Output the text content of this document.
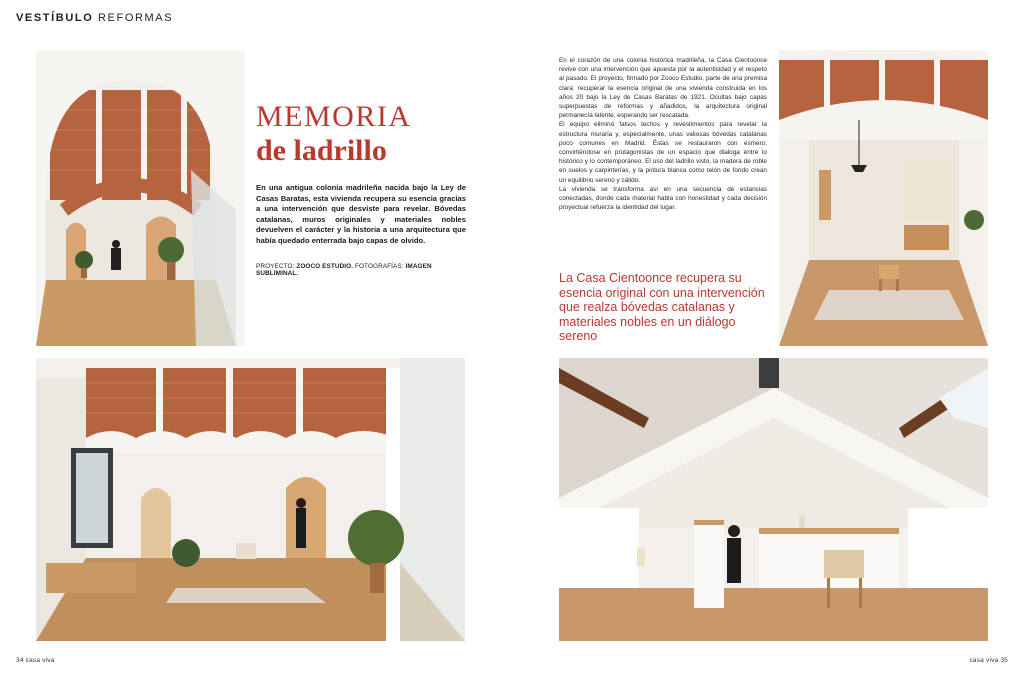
VESTÍBULO REFORMAS
MEMORIA
de ladrillo
En una antigua colonia madrileña nacida bajo la Ley de Casas Baratas, esta vivienda recupera su esencia gracias a una intervención que desviste para revelar. Bóvedas catalanas, muros originales y materiales nobles devuelven el carácter y la historia a una arquitectura que había quedado enterrada bajo capas de olvido.
PROYECTO: ZOOCO ESTUDIO. FOTOGRAFÍAS: IMAGEN SUBLIMINAL.

En el corazón de una colonia histórica madrileña, la Casa Cientoonce revive con una intervención que apuesta por la autenticidad y el respeto al pasado. El proyecto, firmado por Zooco Estudio, parte de una premisa clara: recuperar la esencia original de una vivienda construida en los años 20 bajo la Ley de Casas Baratas de 1921. Ocultas bajo capas superpuestas de reformas y añadidos, la arquitectura original permanecía latente, esperando ser rescatada.

El equipo eliminó falsos techos y revestimientos para revelar la estructura muraria y, especialmente, unas valiosas bóvedas catalanas poco comunes en Madrid. Éstas se restauraron con esmero, convirtiéndose en protagonistas de un espacio que dialoga entre lo histórico y lo contemporáneo. El uso del ladrillo visto, la madera de roble en suelos y carpinterías, y la pintura blanca como telón de fondo crean un equilibrio sereno y cálido.

La vivienda se transforma así en una secuencia de estancias conectadas, donde cada material habla con honestidad y cada decisión proyectual refuerza la identidad del lugar.

La Casa Cientoonce recupera su esencia original con una intervención que realza bóvedas catalanas y materiales nobles en un diálogo sereno
34 casa viva	casa viva 35
